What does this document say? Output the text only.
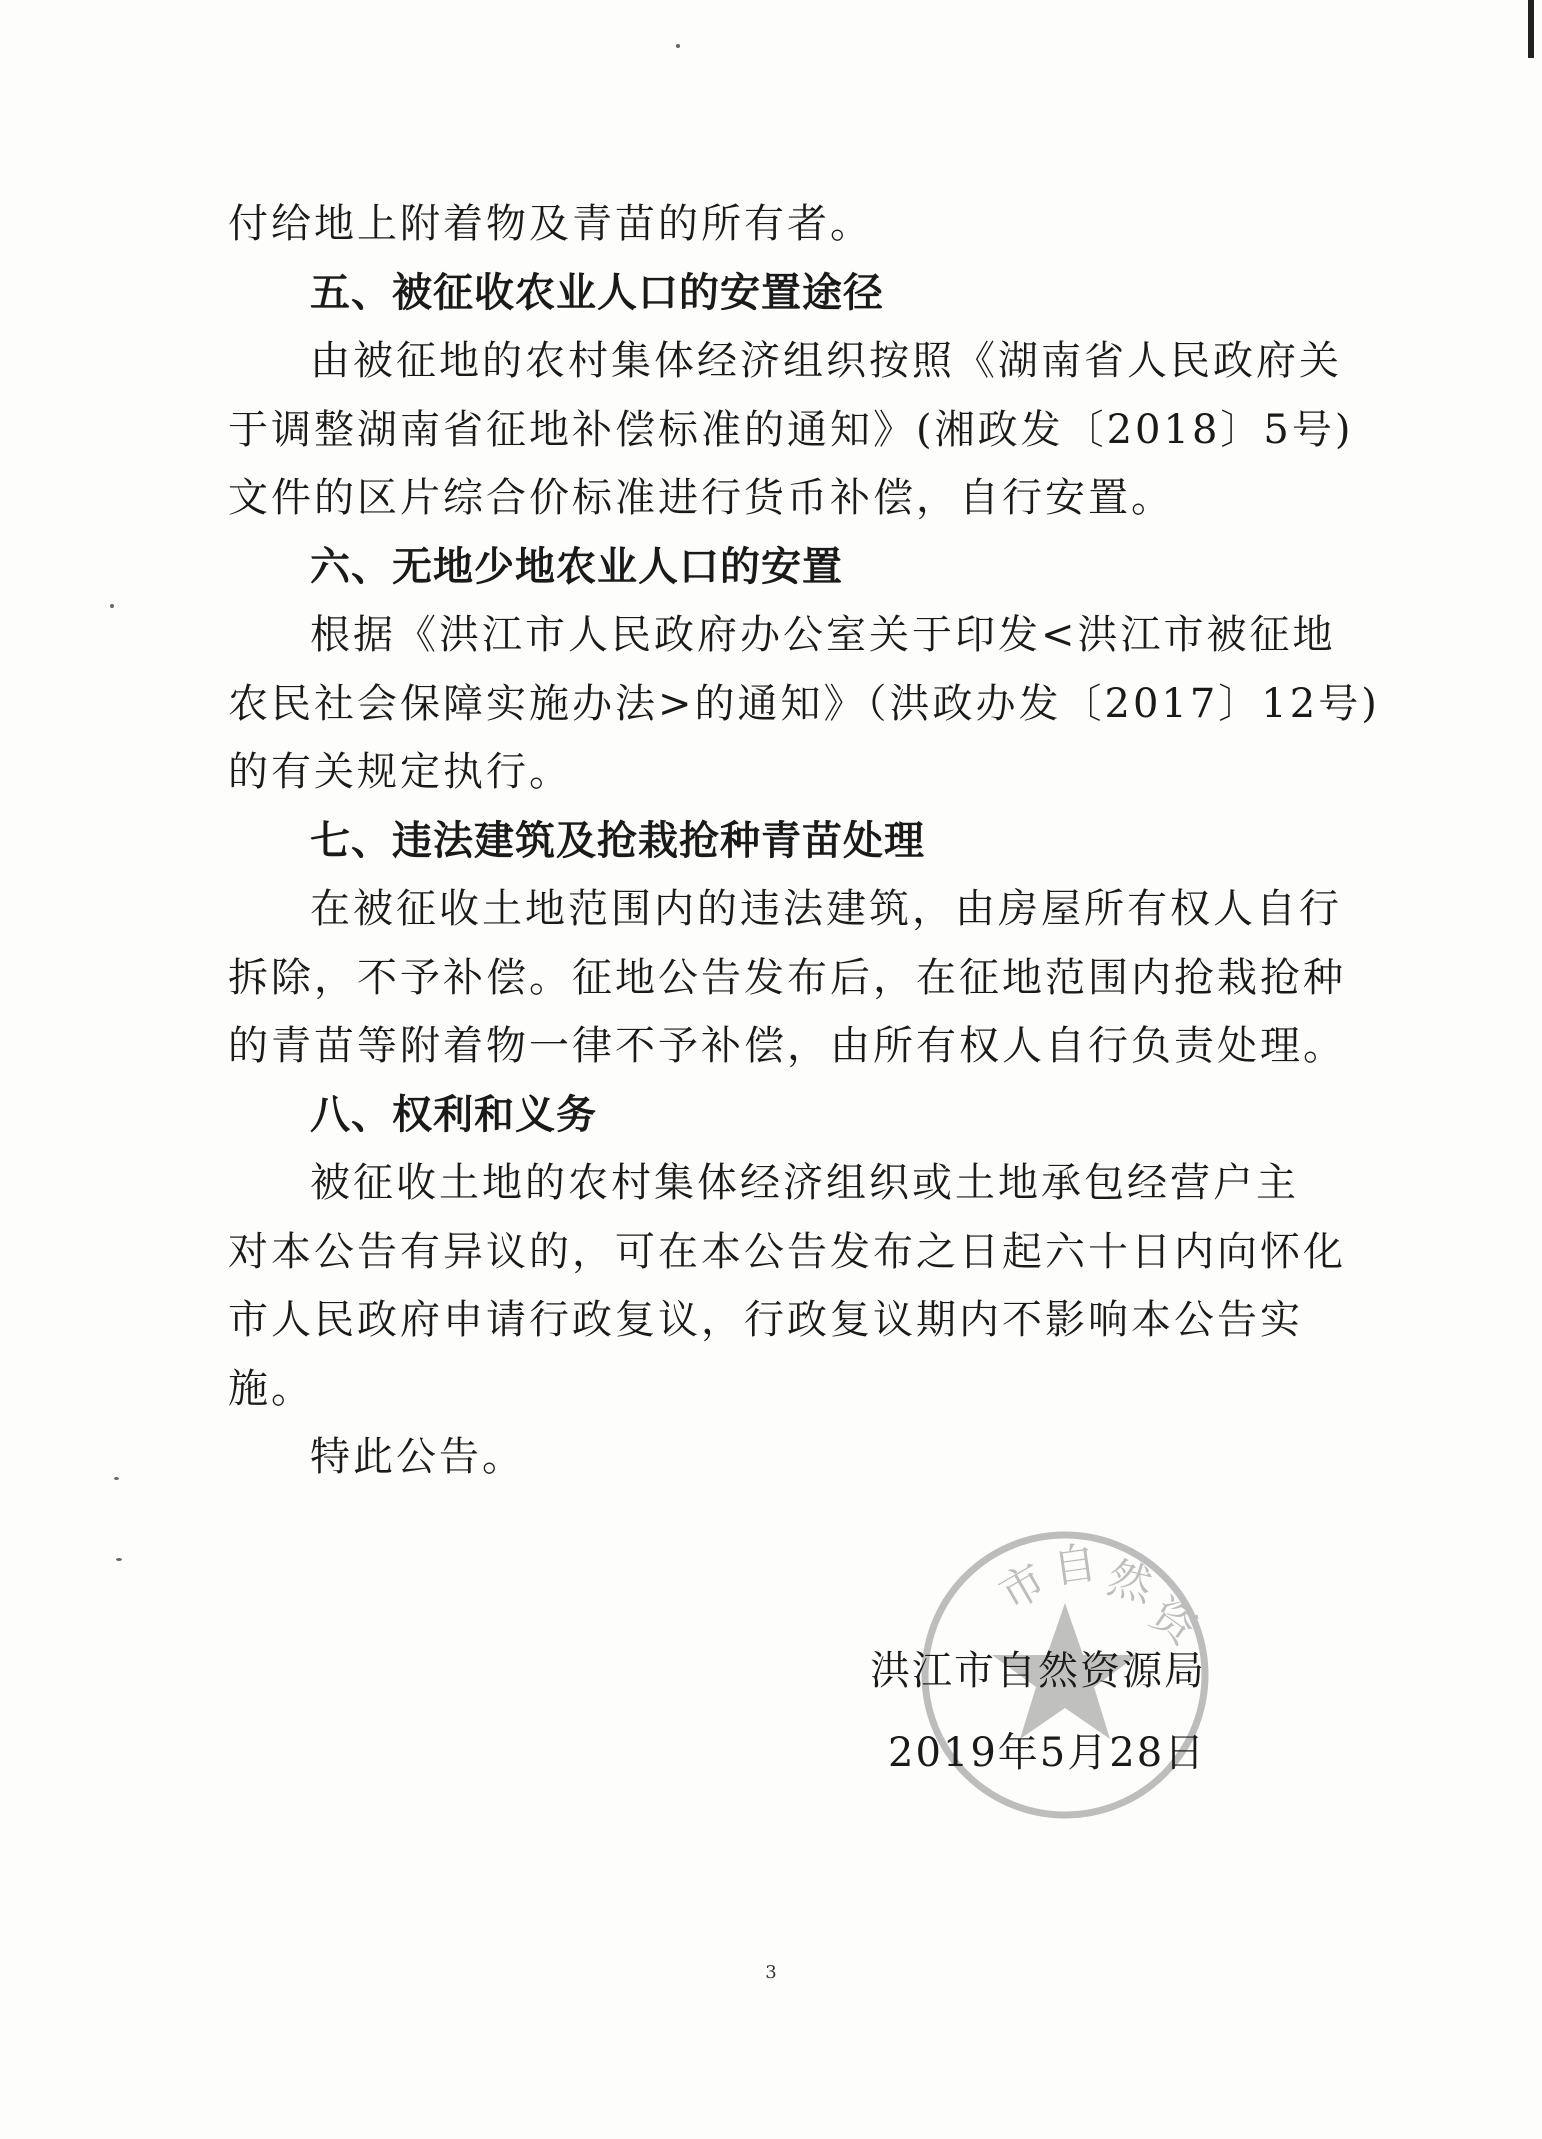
付给地上附着物及青苗的所有者。
五、被征收农业人口的安置途径
由被征地的农村集体经济组织按照《湖南省人民政府关
于调整湖南省征地补偿标准的通知》(湘政发〔2018〕5号)
文件的区片综合价标准进行货币补偿，自行安置。
六、无地少地农业人口的安置
根据《洪江市人民政府办公室关于印发<洪江市被征地
农民社会保障实施办法>的通知》（洪政办发〔2017〕12号)
的有关规定执行。
七、违法建筑及抢栽抢种青苗处理
在被征收土地范围内的违法建筑，由房屋所有权人自行
拆除，不予补偿。征地公告发布后，在征地范围内抢栽抢种
的青苗等附着物一律不予补偿，由所有权人自行负责处理。
八、权利和义务
被征收土地的农村集体经济组织或土地承包经营户主
对本公告有异议的，可在本公告发布之日起六十日内向怀化
市人民政府申请行政复议，行政复议期内不影响本公告实
施。
特此公告。
市
自 然
资
洪江市自然资源局
2019年5月28日
3
